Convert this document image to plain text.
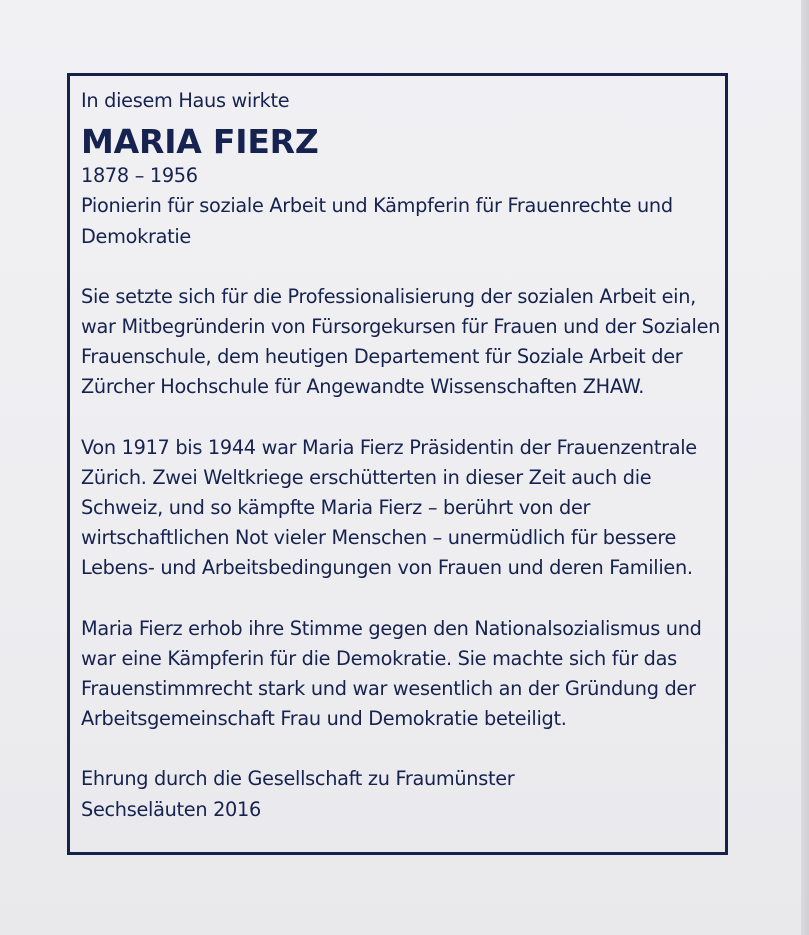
In diesem Haus wirkte

MARIA FIERZ

1878 – 1956

Pionierin für soziale Arbeit und Kämpferin für Frauenrechte und Demokratie

Sie setzte sich für die Professionalisierung der sozialen Arbeit ein, war Mitbegründerin von Fürsorgekursen für Frauen und der Sozialen Frauenschule, dem heutigen Departement für Soziale Arbeit der Zürcher Hochschule für Angewandte Wissenschaften ZHAW.

Von 1917 bis 1944 war Maria Fierz Präsidentin der Frauenzentrale Zürich. Zwei Weltkriege erschütterten in dieser Zeit auch die Schweiz, und so kämpfte Maria Fierz – berührt von der wirtschaftlichen Not vieler Menschen – unermüdlich für bessere Lebens- und Arbeitsbedingungen von Frauen und deren Familien.

Maria Fierz erhob ihre Stimme gegen den Nationalsozialismus und war eine Kämpferin für die Demokratie. Sie machte sich für das Frauenstimmrecht stark und war wesentlich an der Gründung der Arbeitsgemeinschaft Frau und Demokratie beteiligt.

Ehrung durch die Gesellschaft zu Fraumünster
Sechseläuten 2016
